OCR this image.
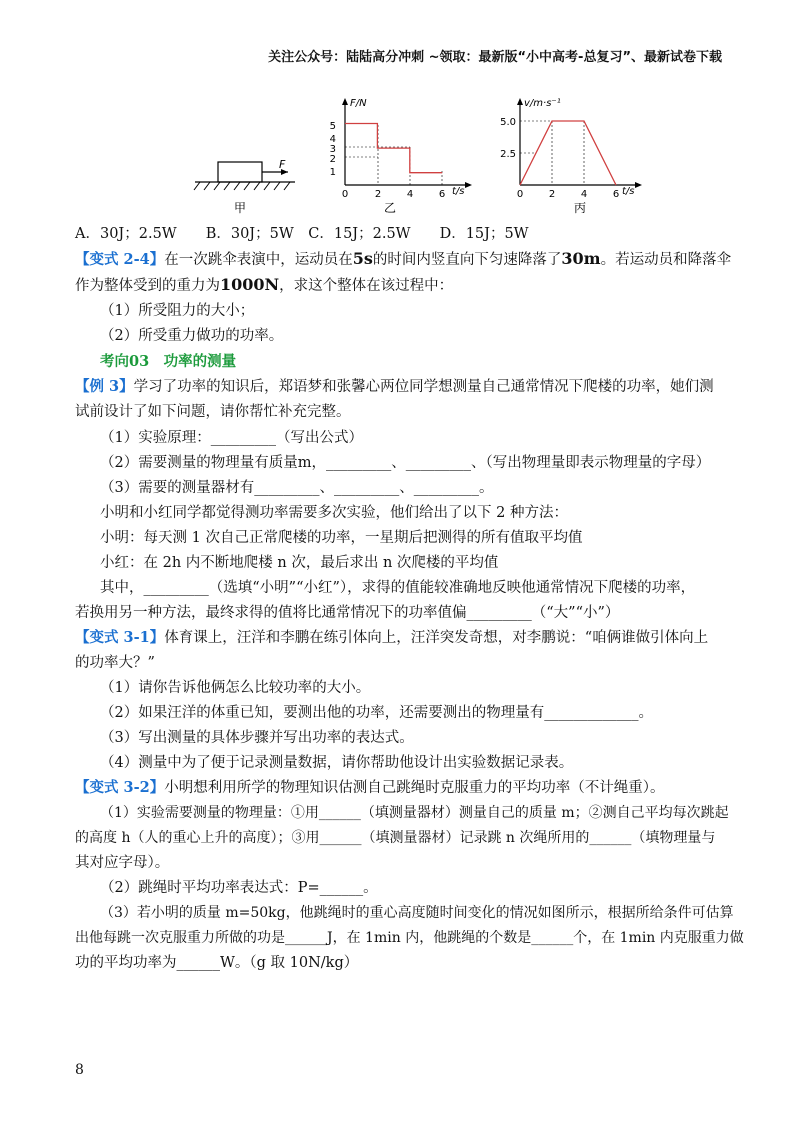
关注公众号：陆陆高分冲刺 ~领取：最新版“小中高考-总复习”、最新试卷下载
F
甲
F/N
t/s
5
4
3
2
1
0	2	4	6
乙
v/m·s⁻¹
t/s
5.0
2.5
0	2	4	6
丙
A．30J；2.5W　　B．30J；5W　C．15J；2.5W　　D．15J；5W
【变式 2-4】在一次跳伞表演中，运动员在5s的时间内竖直向下匀速降落了30m。若运动员和降落伞
作为整体受到的重力为1000N，求这个整体在该过程中：
（1）所受阻力的大小；
（2）所受重力做功的功率。
考向03　功率的测量
【例 3】学习了功率的知识后，郑语梦和张馨心两位同学想测量自己通常情况下爬楼的功率，她们测
试前设计了如下问题，请你帮忙补充完整。
（1）实验原理：_________（写出公式）
（2）需要测量的物理量有质量m，_________、_________、（写出物理量即表示物理量的字母）
（3）需要的测量器材有_________、_________、_________。
小明和小红同学都觉得测功率需要多次实验，他们给出了以下 2 种方法：
小明：每天测 1 次自己正常爬楼的功率，一星期后把测得的所有值取平均值
小红：在 2h 内不断地爬楼 n 次，最后求出 n 次爬楼的平均值
其中，_________（选填“小明”“小红”），求得的值能较准确地反映他通常情况下爬楼的功率，
若换用另一种方法，最终求得的值将比通常情况下的功率值偏_________（“大”“小”）
【变式 3-1】体育课上，汪洋和李鹏在练引体向上，汪洋突发奇想，对李鹏说：“咱俩谁做引体向上
的功率大？”
（1）请你告诉他俩怎么比较功率的大小。
（2）如果汪洋的体重已知，要测出他的功率，还需要测出的物理量有_____________。
（3）写出测量的具体步骤并写出功率的表达式。
（4）测量中为了便于记录测量数据，请你帮助他设计出实验数据记录表。
【变式 3-2】小明想利用所学的物理知识估测自己跳绳时克服重力的平均功率（不计绳重）。
（1）实验需要测量的物理量：①用______（填测量器材）测量自己的质量 m；②测自己平均每次跳起
的高度 h（人的重心上升的高度）；③用______（填测量器材）记录跳 n 次绳所用的______（填物理量与
其对应字母）。
（2）跳绳时平均功率表达式：P=______。
（3）若小明的质量 m=50kg，他跳绳时的重心高度随时间变化的情况如图所示，根据所给条件可估算
出他每跳一次克服重力所做的功是______J，在 1min 内，他跳绳的个数是______个，在 1min 内克服重力做
功的平均功率为______W。（g 取 10N/kg）
8
